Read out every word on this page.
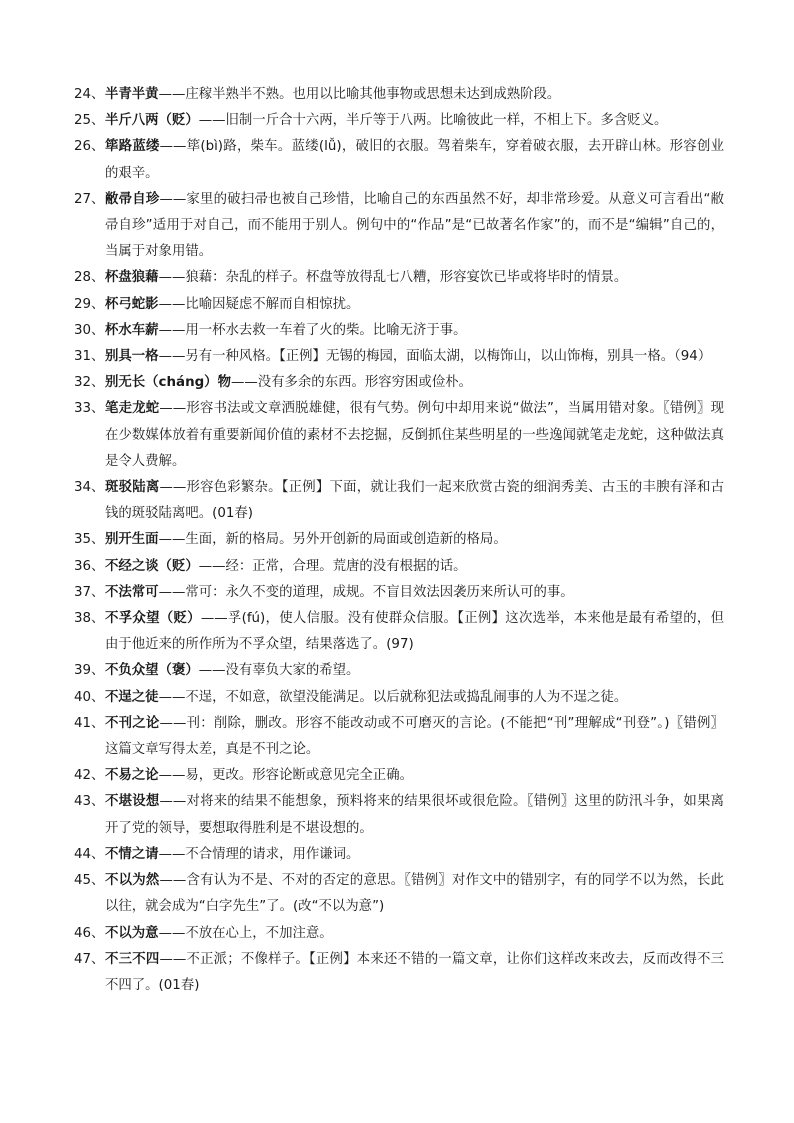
24、 半青半黄——庄稼半熟半不熟。也用以比喻其他事物或思想未达到成熟阶段。
25、 半斤八两（贬）——旧制一斤合十六两，半斤等于八两。比喻彼此一样，不相上下。多含贬义。
26、 筚路蓝缕——筚(bì)路，柴车。蓝缕(lǚ)，破旧的衣服。驾着柴车，穿着破衣服，去开辟山林。形容创业的艰辛。
27、 敝帚自珍——家里的破扫帚也被自己珍惜，比喻自己的东西虽然不好，却非常珍爱。从意义可言看出“敝帚自珍”适用于对自己，而不能用于别人。例句中的“作品”是“已故著名作家”的，而不是“编辑”自己的，当属于对象用错。
28、 杯盘狼藉——狼藉：杂乱的样子。杯盘等放得乱七八糟，形容宴饮已毕或将毕时的情景。
29、 杯弓蛇影——比喻因疑虑不解而自相惊扰。
30、 杯水车薪——用一杯水去救一车着了火的柴。比喻无济于事。
31、 别具一格——另有一种风格。【正例】无锡的梅园，面临太湖，以梅饰山，以山饰梅，别具一格。（94）
32、 别无长（cháng）物——没有多余的东西。形容穷困或俭朴。
33、 笔走龙蛇——形容书法或文章洒脱雄健，很有气势。例句中却用来说“做法”，当属用错对象。〖错例〗现在少数媒体放着有重要新闻价值的素材不去挖掘，反倒抓住某些明星的一些逸闻就笔走龙蛇，这种做法真是令人费解。
34、 斑驳陆离——形容色彩繁杂。【正例】下面，就让我们一起来欣赏古瓷的细润秀美、古玉的丰腴有泽和古钱的斑驳陆离吧。(01春)
35、 别开生面——生面，新的格局。另外开创新的局面或创造新的格局。
36、 不经之谈（贬）——经：正常，合理。荒唐的没有根据的话。
37、 不法常可——常可：永久不变的道理，成规。不盲目效法因袭历来所认可的事。
38、 不孚众望（贬）——孚(fú)，使人信服。没有使群众信服。【正例】这次选举，本来他是最有希望的，但由于他近来的所作所为不孚众望，结果落选了。(97)
39、 不负众望（褒）——没有辜负大家的希望。
40、 不逞之徒——不逞，不如意，欲望没能满足。以后就称犯法或捣乱闹事的人为不逞之徒。
41、 不刊之论——刊：削除，删改。形容不能改动或不可磨灭的言论。(不能把“刊”理解成“刊登”。)〖错例〗这篇文章写得太差，真是不刊之论。
42、 不易之论——易，更改。形容论断或意见完全正确。
43、 不堪设想——对将来的结果不能想象，预料将来的结果很坏或很危险。〖错例〗这里的防汛斗争，如果离开了党的领导，要想取得胜利是不堪设想的。
44、 不情之请——不合情理的请求，用作谦词。
45、 不以为然——含有认为不是、不对的否定的意思。〖错例〗对作文中的错别字，有的同学不以为然，长此以往，就会成为“白字先生”了。(改“不以为意”)
46、 不以为意——不放在心上，不加注意。
47、 不三不四——不正派；不像样子。【正例】本来还不错的一篇文章，让你们这样改来改去，反而改得不三不四了。(01春)
